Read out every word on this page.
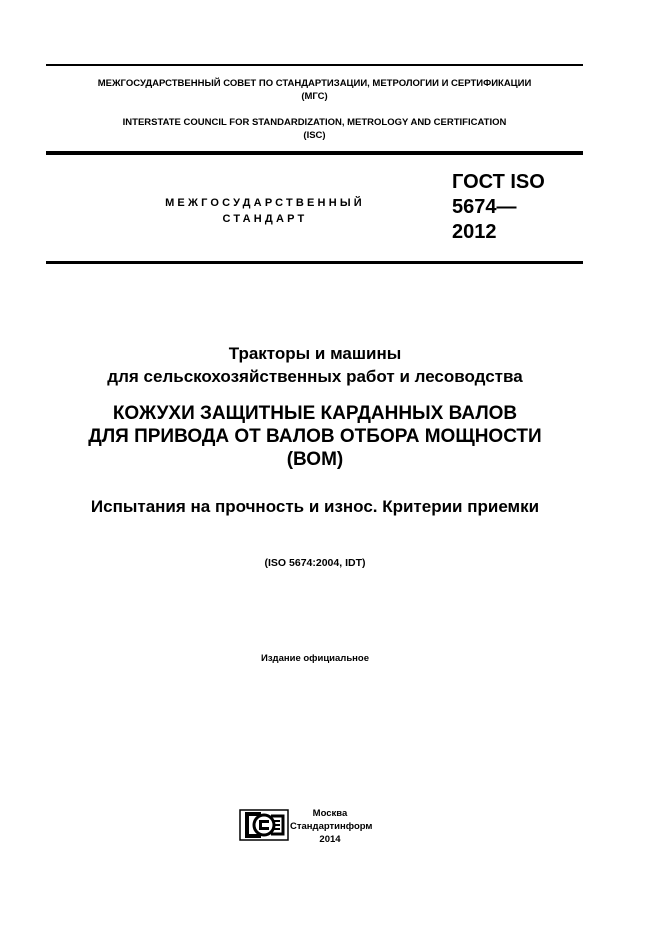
МЕЖГОСУДАРСТВЕННЫЙ СОВЕТ ПО СТАНДАРТИЗАЦИИ, МЕТРОЛОГИИ И СЕРТИФИКАЦИИ
(МГС)
INTERSTATE COUNCIL FOR STANDARDIZATION, METROLOGY AND CERTIFICATION
(ISC)
МЕЖГОСУДАРСТВЕННЫЙ
СТАНДАРТ
ГОСТ ISO
5674—
2012
Тракторы и машины
для сельскохозяйственных работ и лесоводства
КОЖУХИ ЗАЩИТНЫЕ КАРДАННЫХ ВАЛОВ
ДЛЯ ПРИВОДА ОТ ВАЛОВ ОТБОРА МОЩНОСТИ
(ВОМ)
Испытания на прочность и износ. Критерии приемки
(ISO 5674:2004, IDT)
Издание официальное
Москва
Стандартинформ
2014
